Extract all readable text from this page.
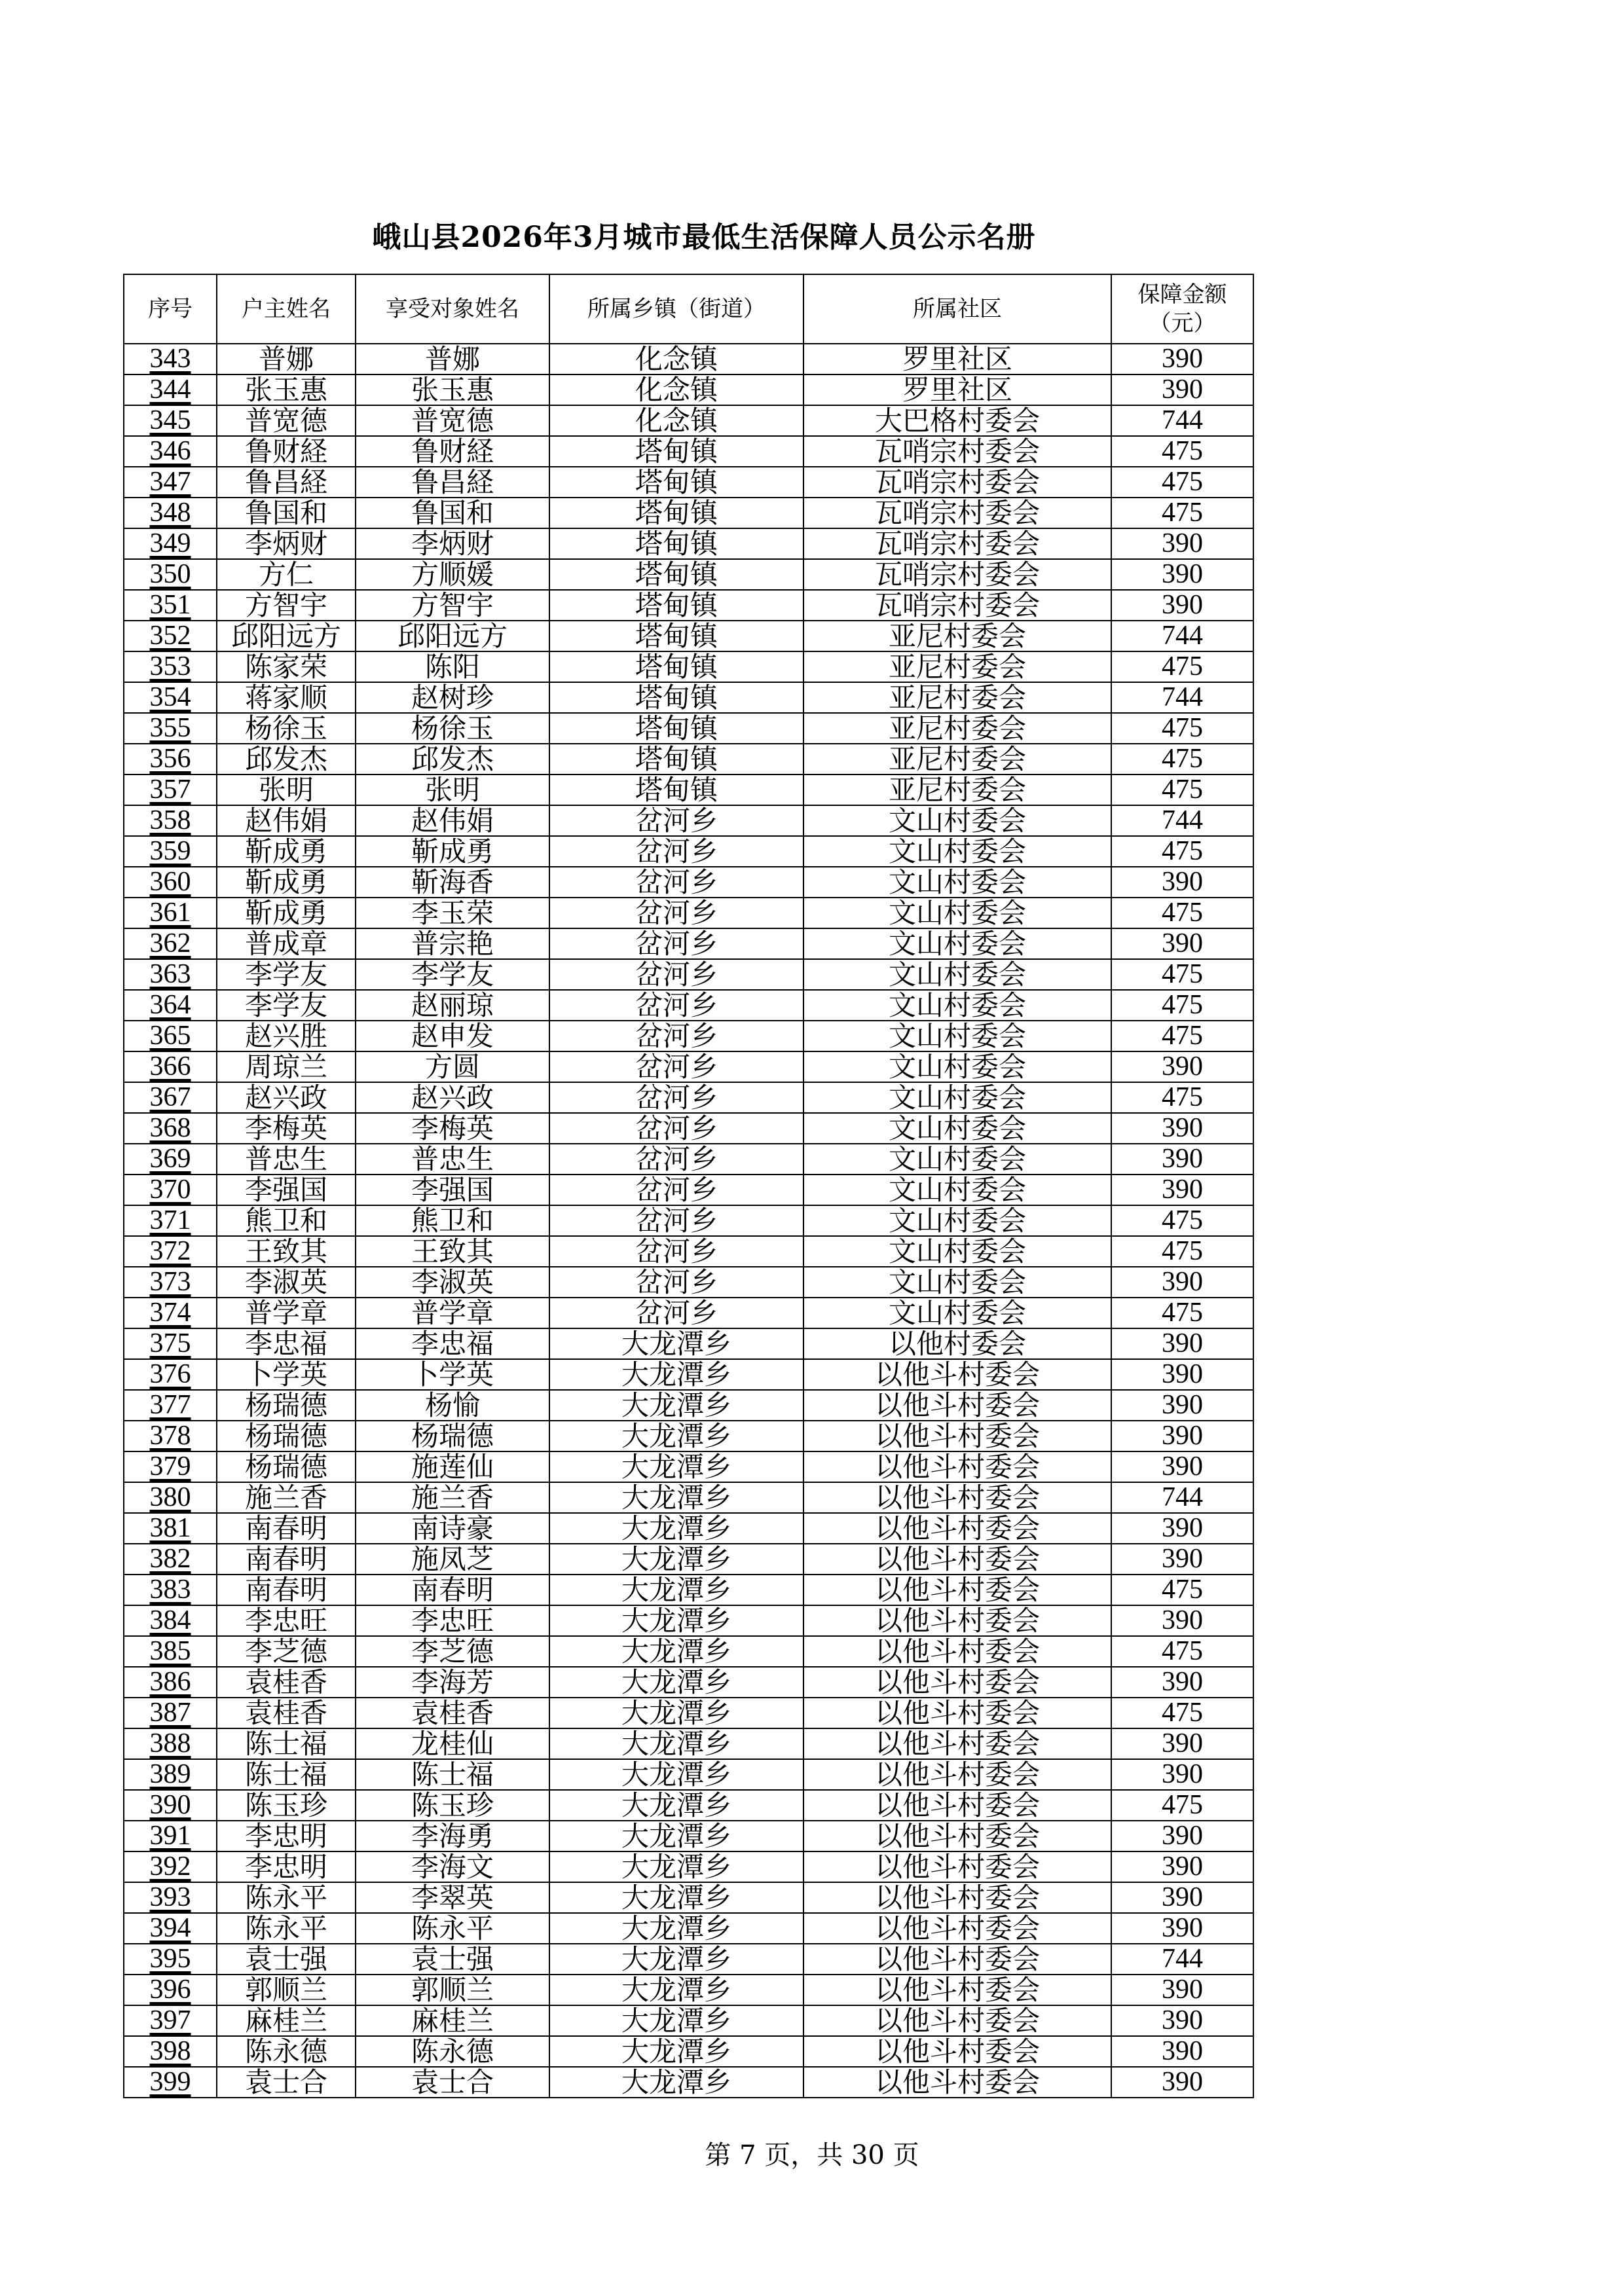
峨山县2026年3月城市最低生活保障人员公示名册
序号	户主姓名	享受对象姓名	所属乡镇（街道）	所属社区	保障金额
（元）

343	普娜	普娜	化念镇	罗里社区	390
344	张玉惠	张玉惠	化念镇	罗里社区	390
345	普宽德	普宽德	化念镇	大巴格村委会	744
346	鲁财経	鲁财経	塔甸镇	瓦哨宗村委会	475
347	鲁昌経	鲁昌経	塔甸镇	瓦哨宗村委会	475
348	鲁国和	鲁国和	塔甸镇	瓦哨宗村委会	475
349	李炳财	李炳财	塔甸镇	瓦哨宗村委会	390
350	方仁	方顺媛	塔甸镇	瓦哨宗村委会	390
351	方智宇	方智宇	塔甸镇	瓦哨宗村委会	390
352	邱阳远方	邱阳远方	塔甸镇	亚尼村委会	744
353	陈家荣	陈阳	塔甸镇	亚尼村委会	475
354	蒋家顺	赵树珍	塔甸镇	亚尼村委会	744
355	杨徐玉	杨徐玉	塔甸镇	亚尼村委会	475
356	邱发杰	邱发杰	塔甸镇	亚尼村委会	475
357	张明	张明	塔甸镇	亚尼村委会	475
358	赵伟娟	赵伟娟	岔河乡	文山村委会	744
359	靳成勇	靳成勇	岔河乡	文山村委会	475
360	靳成勇	靳海香	岔河乡	文山村委会	390
361	靳成勇	李玉荣	岔河乡	文山村委会	475
362	普成章	普宗艳	岔河乡	文山村委会	390
363	李学友	李学友	岔河乡	文山村委会	475
364	李学友	赵丽琼	岔河乡	文山村委会	475
365	赵兴胜	赵申发	岔河乡	文山村委会	475
366	周琼兰	方圆	岔河乡	文山村委会	390
367	赵兴政	赵兴政	岔河乡	文山村委会	475
368	李梅英	李梅英	岔河乡	文山村委会	390
369	普忠生	普忠生	岔河乡	文山村委会	390
370	李强国	李强国	岔河乡	文山村委会	390
371	熊卫和	熊卫和	岔河乡	文山村委会	475
372	王致其	王致其	岔河乡	文山村委会	475
373	李淑英	李淑英	岔河乡	文山村委会	390
374	普学章	普学章	岔河乡	文山村委会	475
375	李忠福	李忠福	大龙潭乡	以他村委会	390
376	卜学英	卜学英	大龙潭乡	以他斗村委会	390
377	杨瑞德	杨愉	大龙潭乡	以他斗村委会	390
378	杨瑞德	杨瑞德	大龙潭乡	以他斗村委会	390
379	杨瑞德	施莲仙	大龙潭乡	以他斗村委会	390
380	施兰香	施兰香	大龙潭乡	以他斗村委会	744
381	南春明	南诗豪	大龙潭乡	以他斗村委会	390
382	南春明	施凤芝	大龙潭乡	以他斗村委会	390
383	南春明	南春明	大龙潭乡	以他斗村委会	475
384	李忠旺	李忠旺	大龙潭乡	以他斗村委会	390
385	李芝德	李芝德	大龙潭乡	以他斗村委会	475
386	袁桂香	李海芳	大龙潭乡	以他斗村委会	390
387	袁桂香	袁桂香	大龙潭乡	以他斗村委会	475
388	陈士福	龙桂仙	大龙潭乡	以他斗村委会	390
389	陈士福	陈士福	大龙潭乡	以他斗村委会	390
390	陈玉珍	陈玉珍	大龙潭乡	以他斗村委会	475
391	李忠明	李海勇	大龙潭乡	以他斗村委会	390
392	李忠明	李海文	大龙潭乡	以他斗村委会	390
393	陈永平	李翠英	大龙潭乡	以他斗村委会	390
394	陈永平	陈永平	大龙潭乡	以他斗村委会	390
395	袁士强	袁士强	大龙潭乡	以他斗村委会	744
396	郭顺兰	郭顺兰	大龙潭乡	以他斗村委会	390
397	麻桂兰	麻桂兰	大龙潭乡	以他斗村委会	390
398	陈永德	陈永德	大龙潭乡	以他斗村委会	390
399	袁士合	袁士合	大龙潭乡	以他斗村委会	390
第 7 页，共 30 页
